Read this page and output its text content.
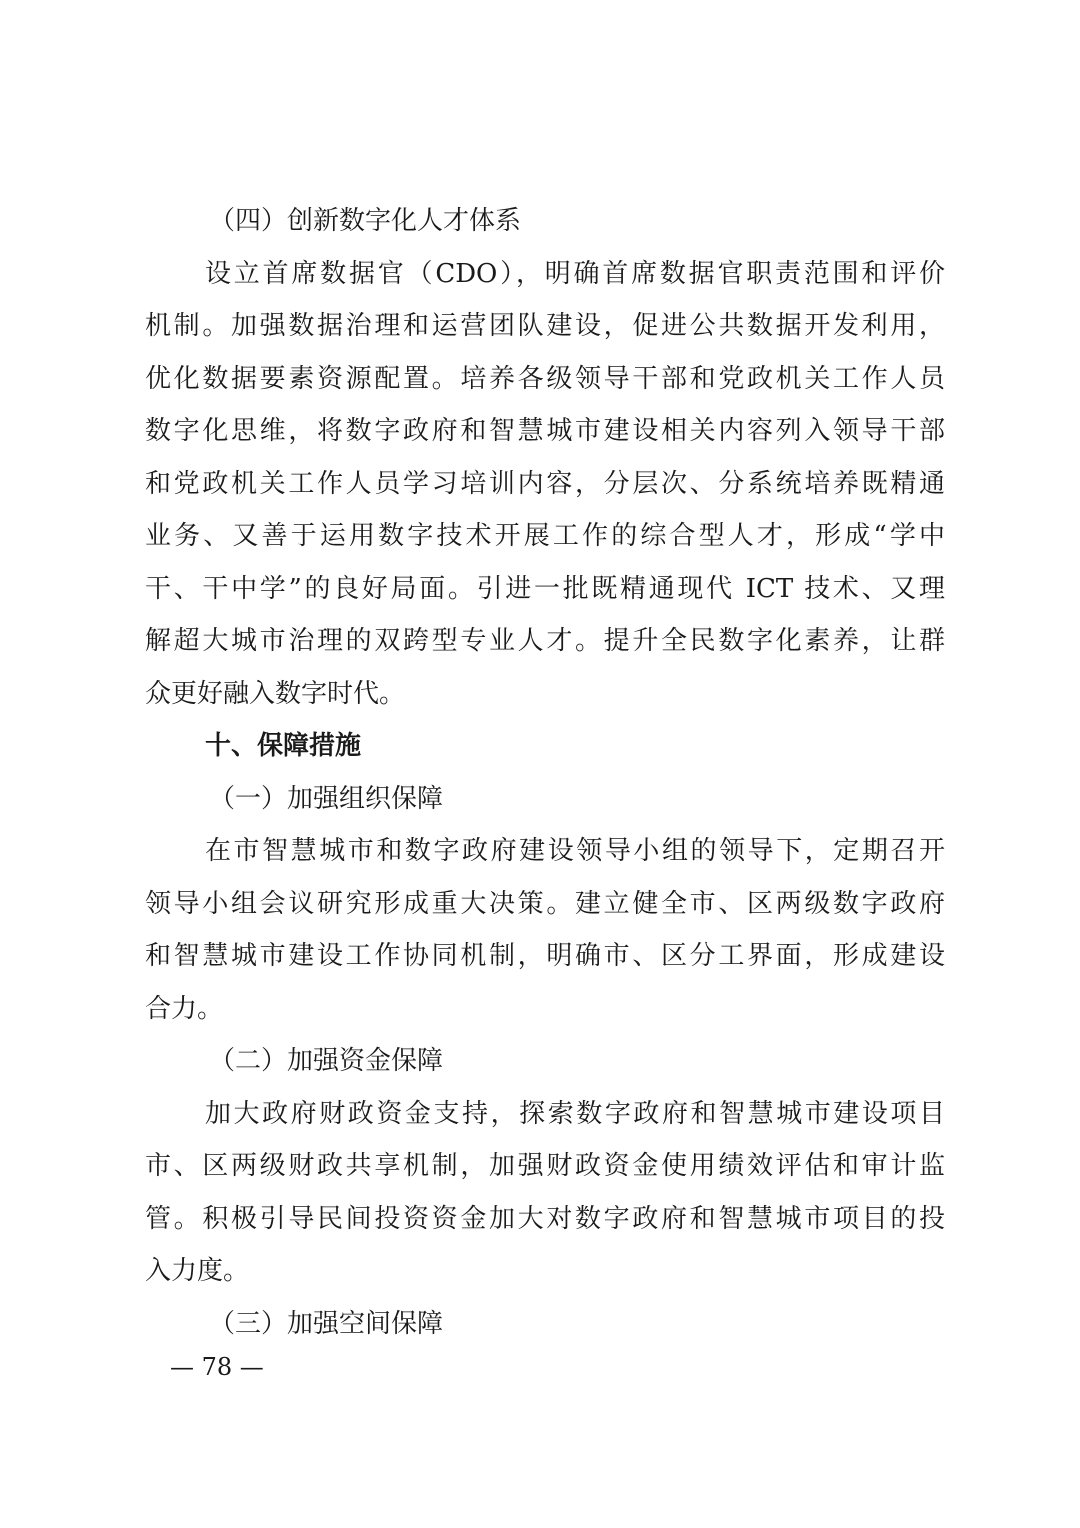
（四）创新数字化人才体系
设立首席数据官（CDO），明确首席数据官职责范围和评价
机制。加强数据治理和运营团队建设，促进公共数据开发利用，
优化数据要素资源配置。培养各级领导干部和党政机关工作人员
数字化思维，将数字政府和智慧城市建设相关内容列入领导干部
和党政机关工作人员学习培训内容，分层次、分系统培养既精通
业务、又善于运用数字技术开展工作的综合型人才，形成“学中
干、干中学”的良好局面。引进一批既精通现代 ICT 技术、又理
解超大城市治理的双跨型专业人才。提升全民数字化素养，让群
众更好融入数字时代。
十、保障措施
（一）加强组织保障
在市智慧城市和数字政府建设领导小组的领导下，定期召开
领导小组会议研究形成重大决策。建立健全市、区两级数字政府
和智慧城市建设工作协同机制，明确市、区分工界面，形成建设
合力。
（二）加强资金保障
加大政府财政资金支持，探索数字政府和智慧城市建设项目
市、区两级财政共享机制，加强财政资金使用绩效评估和审计监
管。积极引导民间投资资金加大对数字政府和智慧城市项目的投
入力度。
（三）加强空间保障
— 78 —
